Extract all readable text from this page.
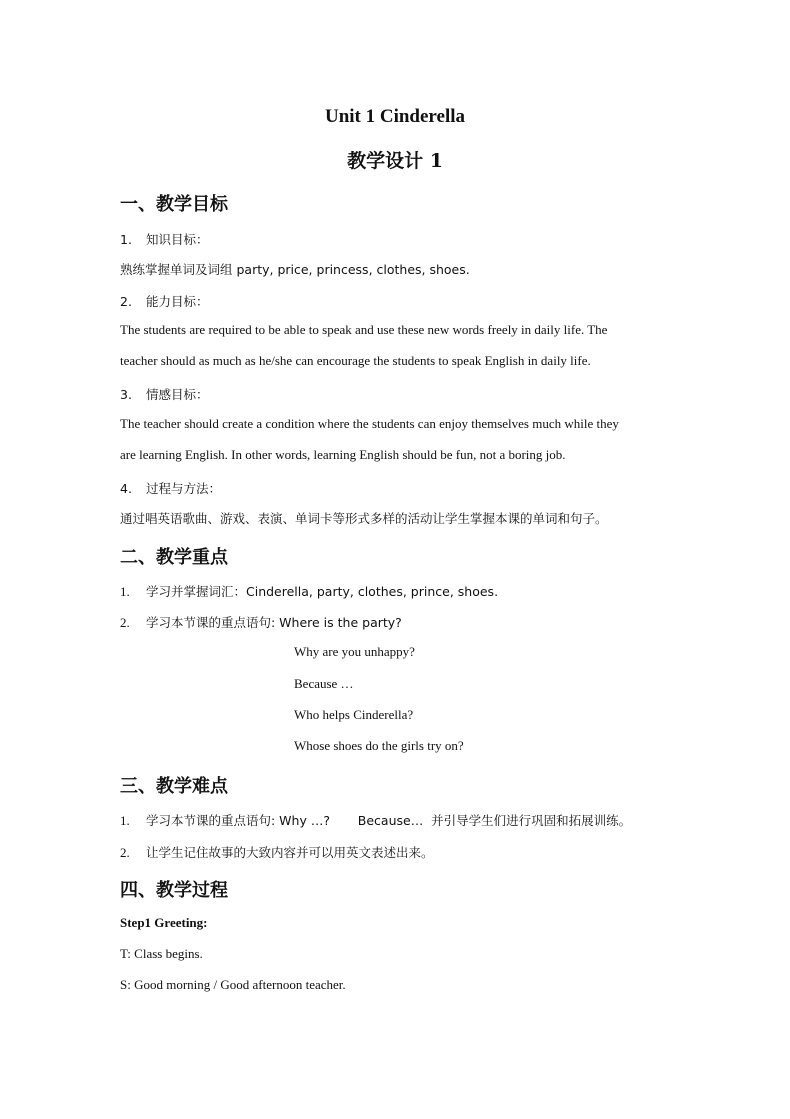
Unit 1 Cinderella
教学设计 1
一、教学目标
1. 知识目标：
熟练掌握单词及词组 party, price, princess, clothes, shoes.
2. 能力目标：
The students are required to be able to speak and use these new words freely in daily life. The
teacher should as much as he/she can encourage the students to speak English in daily life.
3. 情感目标：
The teacher should create a condition where the students can enjoy themselves much while they
are learning English. In other words, learning English should be fun, not a boring job.
4. 过程与方法：
通过唱英语歌曲、游戏、表演、单词卡等形式多样的活动让学生掌握本课的单词和句子。
二、教学重点
1. 学习并掌握词汇：Cinderella, party, clothes, prince, shoes.
2. 学习本节课的重点语句: Where is the party?
Why are you unhappy?
Because …
Who helps Cinderella?
Whose shoes do the girls try on?
三、教学难点
1. 学习本节课的重点语句: Why …?       Because…  并引导学生们进行巩固和拓展训练。
2. 让学生记住故事的大致内容并可以用英文表述出来。
四、教学过程
Step1 Greeting:
T: Class begins.
S: Good morning / Good afternoon teacher.
